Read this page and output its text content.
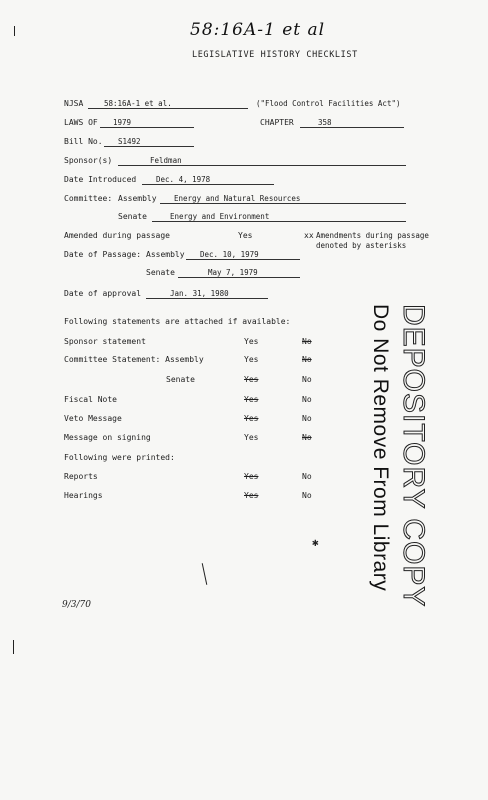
58:16A-1 et al
LEGISLATIVE HISTORY CHECKLIST
NJSA	58:16A-1 et al.	("Flood Control Facilities Act")
LAWS OF 1979	CHAPTER	358
Bill No. S1492
Sponsor(s)	Feldman
Date Introduced	Dec. 4, 1978
Committee: Assembly Energy and Natural Resources
Senate	Energy and Environment
Amended during passage	Yes	xx Amendments during passage
denoted by asterisks
Date of Passage: Assembly Dec. 10, 1979
Senate	May 7, 1979
Date of approval	Jan. 31, 1980
Following statements are attached if available:
Sponsor statement	Yes	No
Committee Statement: Assembly	Yes	No
Senate	Yes	No
Fiscal Note	Yes	No
Veto Message	Yes	No
Message on signing	Yes	No
Following were printed:
Reports	Yes	No
Hearings	Yes	No	DEPOSITORY COPY
Do Not Remove From Library
✱
9/3/70
